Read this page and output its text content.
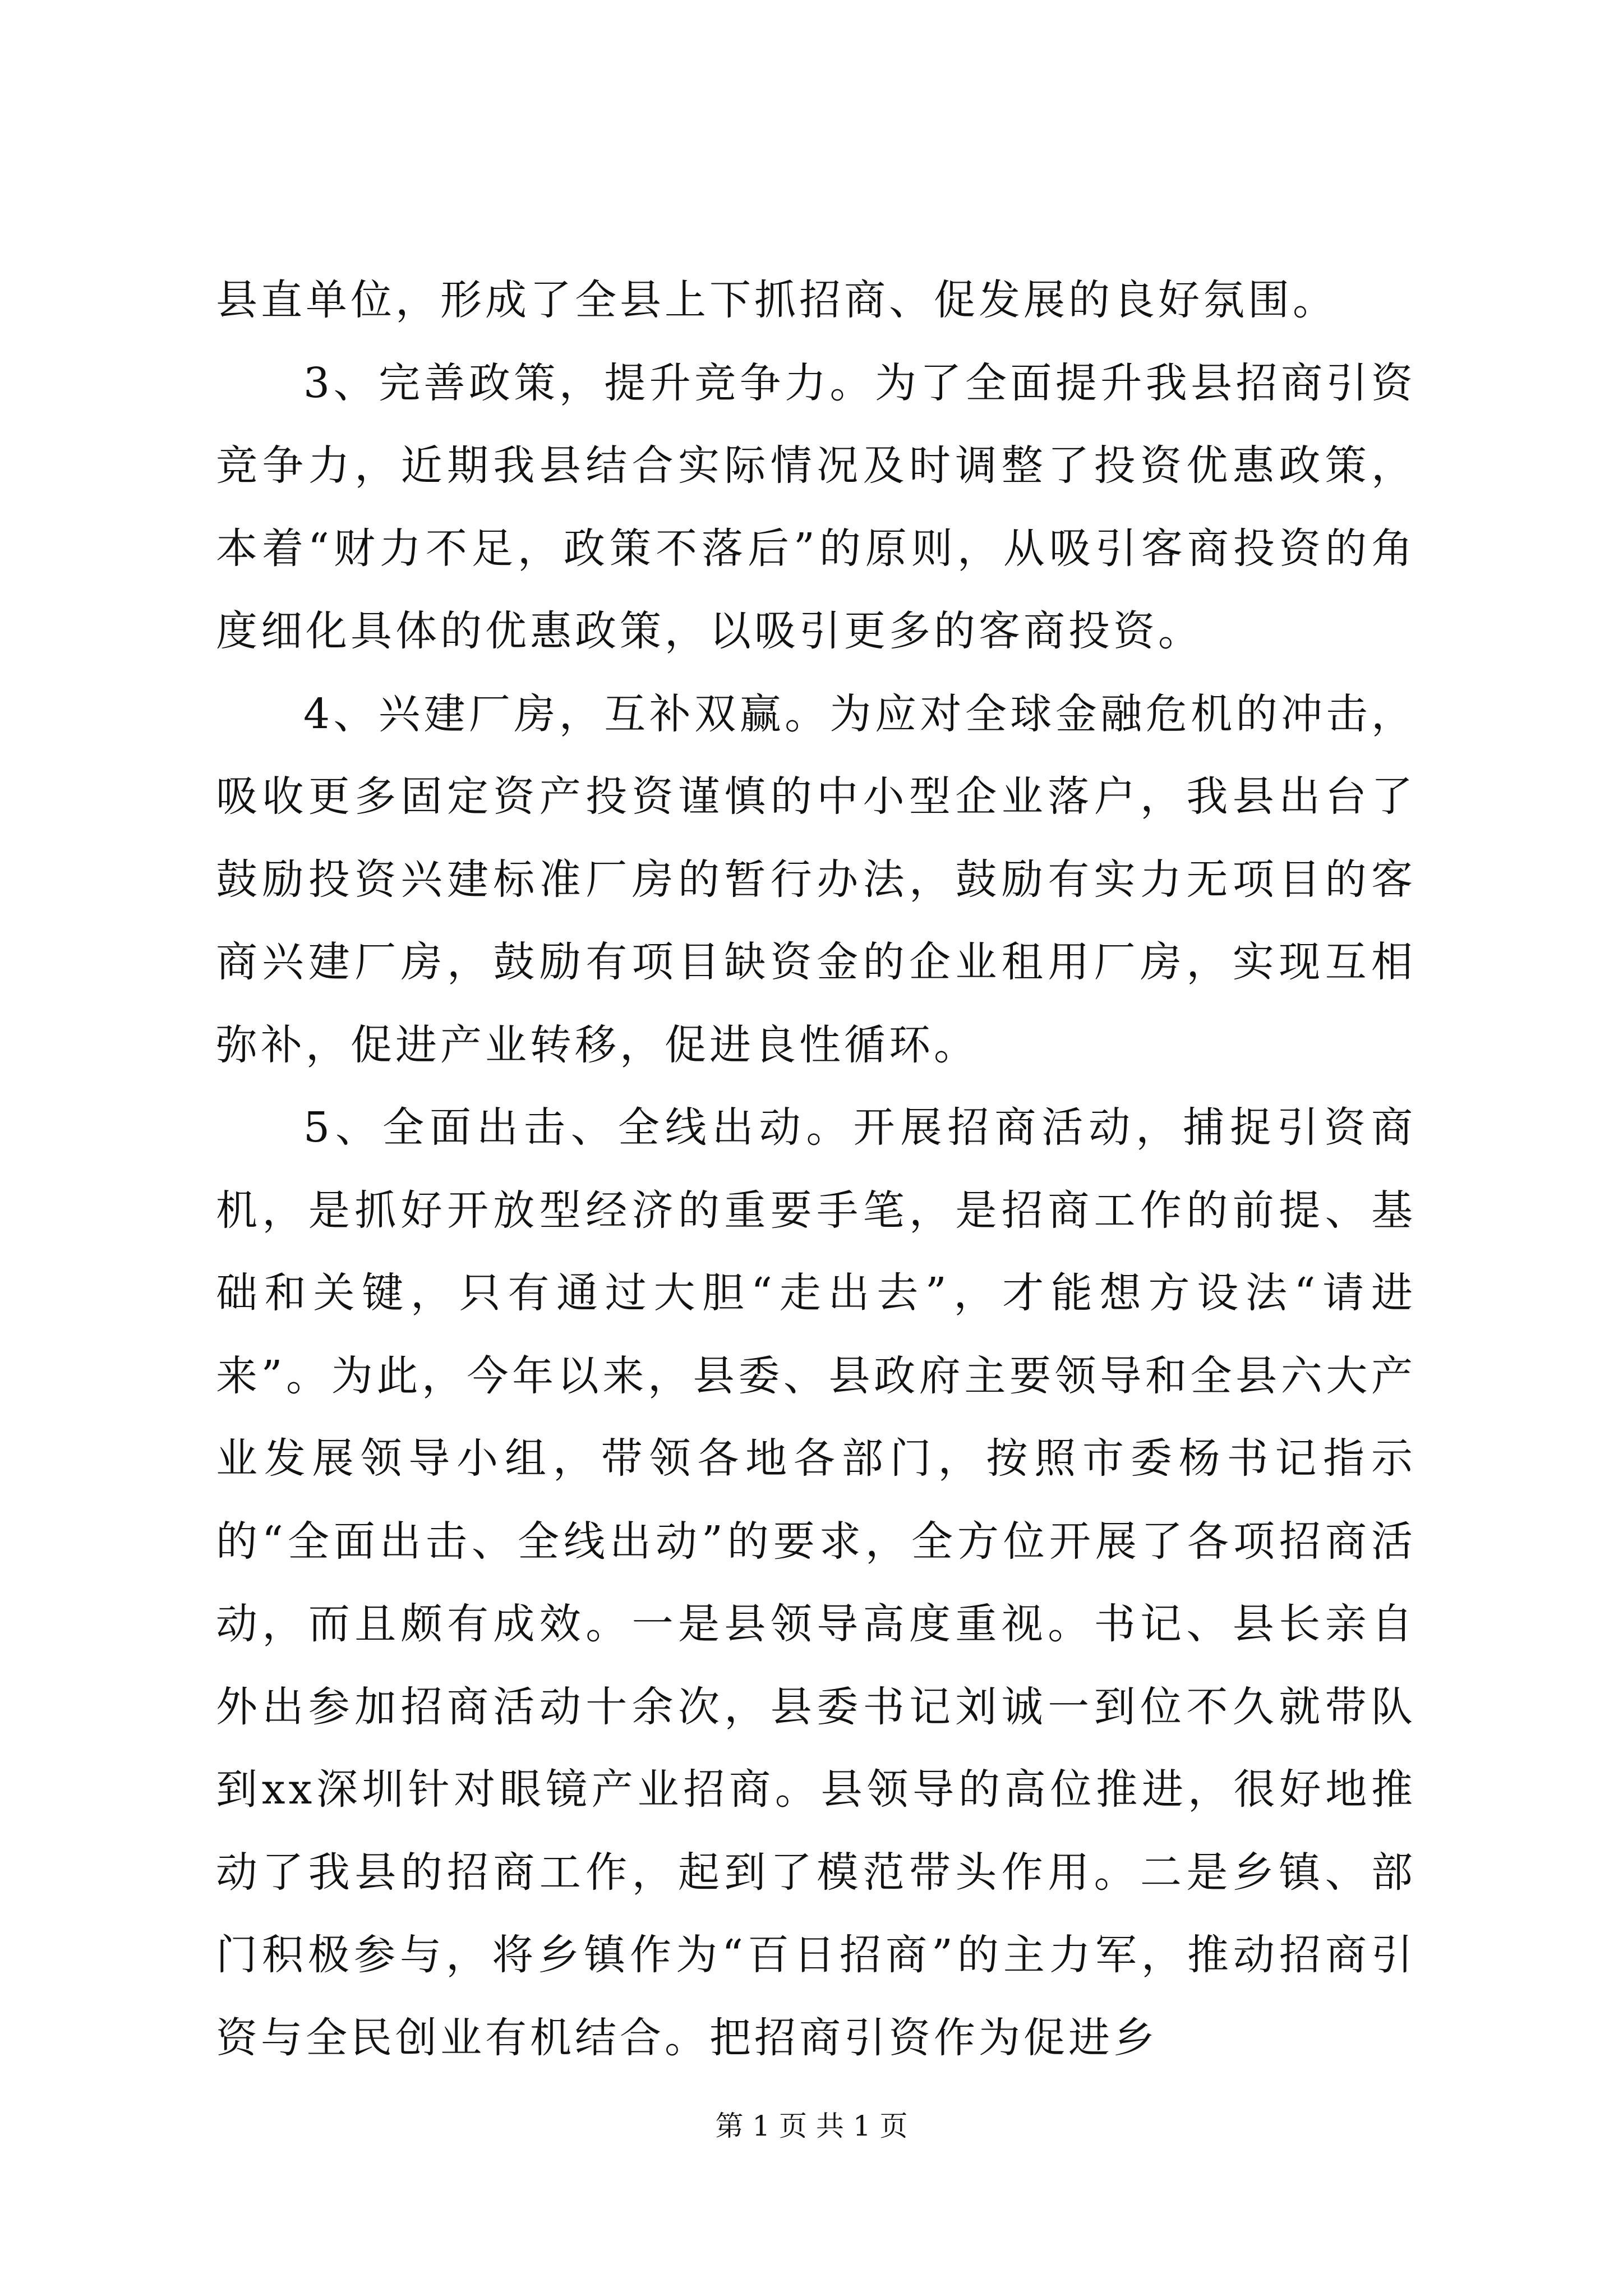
县直单位，形成了全县上下抓招商、促发展的良好氛围。

3、完善政策，提升竞争力。为了全面提升我县招商引资竞争力，近期我县结合实际情况及时调整了投资优惠政策，本着“财力不足，政策不落后”的原则，从吸引客商投资的角度细化具体的优惠政策，以吸引更多的客商投资。

4、兴建厂房，互补双赢。为应对全球金融危机的冲击，吸收更多固定资产投资谨慎的中小型企业落户，我县出台了鼓励投资兴建标准厂房的暂行办法，鼓励有实力无项目的客商兴建厂房，鼓励有项目缺资金的企业租用厂房，实现互相弥补，促进产业转移，促进良性循环。

5、全面出击、全线出动。开展招商活动，捕捉引资商机，是抓好开放型经济的重要手笔，是招商工作的前提、基础和关键，只有通过大胆“走出去”，才能想方设法“请进来”。为此，今年以来，县委、县政府主要领导和全县六大产业发展领导小组，带领各地各部门，按照市委杨书记指示的“全面出击、全线出动”的要求，全方位开展了各项招商活动，而且颇有成效。一是县领导高度重视。书记、县长亲自外出参加招商活动十余次，县委书记刘诚一到位不久就带队到xx深圳针对眼镜产业招商。县领导的高位推进，很好地推动了我县的招商工作，起到了模范带头作用。二是乡镇、部门积极参与，将乡镇作为“百日招商”的主力军，推动招商引资与全民创业有机结合。把招商引资作为促进乡

第 1 页 共 1 页
